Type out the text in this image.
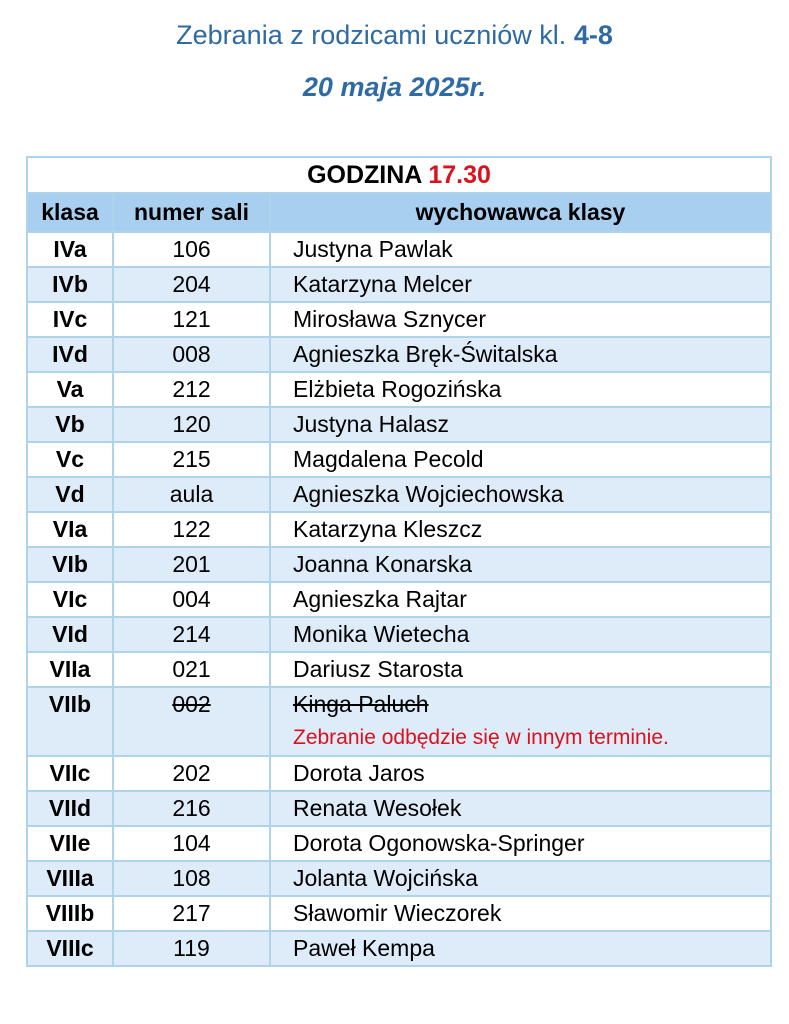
Zebrania z rodzicami uczniów kl. 4-8
20 maja 2025r.
GODZINA 17.30		
klasa	numer sali	wychowawca klasy
IVa	106	Justyna Pawlak
IVb	204	Katarzyna Melcer
IVc	121	Mirosława Sznycer
IVd	008	Agnieszka Bręk-Świtalska
Va	212	Elżbieta Rogozińska
Vb	120	Justyna Halasz
Vc	215	Magdalena Pecold
Vd	aula	Agnieszka Wojciechowska
VIa	122	Katarzyna Kleszcz
VIb	201	Joanna Konarska
VIc	004	Agnieszka Rajtar
VId	214	Monika Wietecha
VIIa	021	Dariusz Starosta
VIIb	002	Kinga Paluch
Zebranie odbędzie się w innym terminie.

VIIc	202	Dorota Jaros
VIId	216	Renata Wesołek
VIIe	104	Dorota Ogonowska-Springer
VIIIa	108	Jolanta Wojcińska
VIIIb	217	Sławomir Wieczorek
VIIIc	119	Paweł Kempa
